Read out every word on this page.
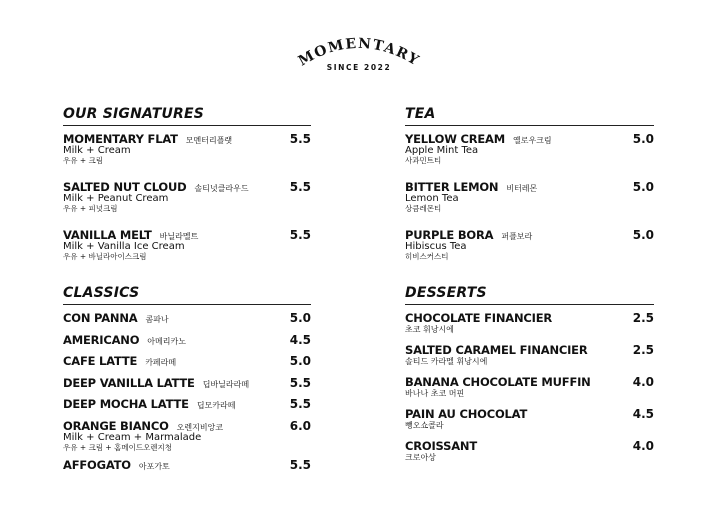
MOMENTARY
SINCE 2022
OUR SIGNATURES
MOMENTARY FLAT 모멘터리플랫	5.5
Milk + Cream
우유 + 크림
SALTED NUT CLOUD 솔티넛클라우드	5.5
Milk + Peanut Cream
우유 + 피넛크림
VANILLA MELT 바닐라멜트	5.5
Milk + Vanilla Ice Cream
우유 + 바닐라아이스크림
TEA
YELLOW CREAM 옐로우크림	5.0
Apple Mint Tea
사과민트티
BITTER LEMON 비터레몬	5.0
Lemon Tea
상큼레몬티
PURPLE BORA 퍼플보라	5.0
Hibiscus Tea
히비스커스티
CLASSICS
CON PANNA 콤파나	5.0
AMERICANO 아메리카노	4.5
CAFE LATTE 카페라떼	5.0
DEEP VANILLA LATTE 딥바닐라라떼	5.5
DEEP MOCHA LATTE 딥모카라떼	5.5
ORANGE BIANCO 오렌지비앙코	6.0
Milk + Cream + Marmalade
우유 + 크림 + 홈메이드오렌지청
AFFOGATO 아포가토	5.5
DESSERTS
CHOCOLATE FINANCIER	2.5
초코 휘낭시에
SALTED CARAMEL FINANCIER	2.5
솔티드 카라멜 휘낭시에
BANANA CHOCOLATE MUFFIN	4.0
바나나 초코 머핀
PAIN AU CHOCOLAT	4.5
뺑오쇼콜라
CROISSANT	4.0
크로아상
